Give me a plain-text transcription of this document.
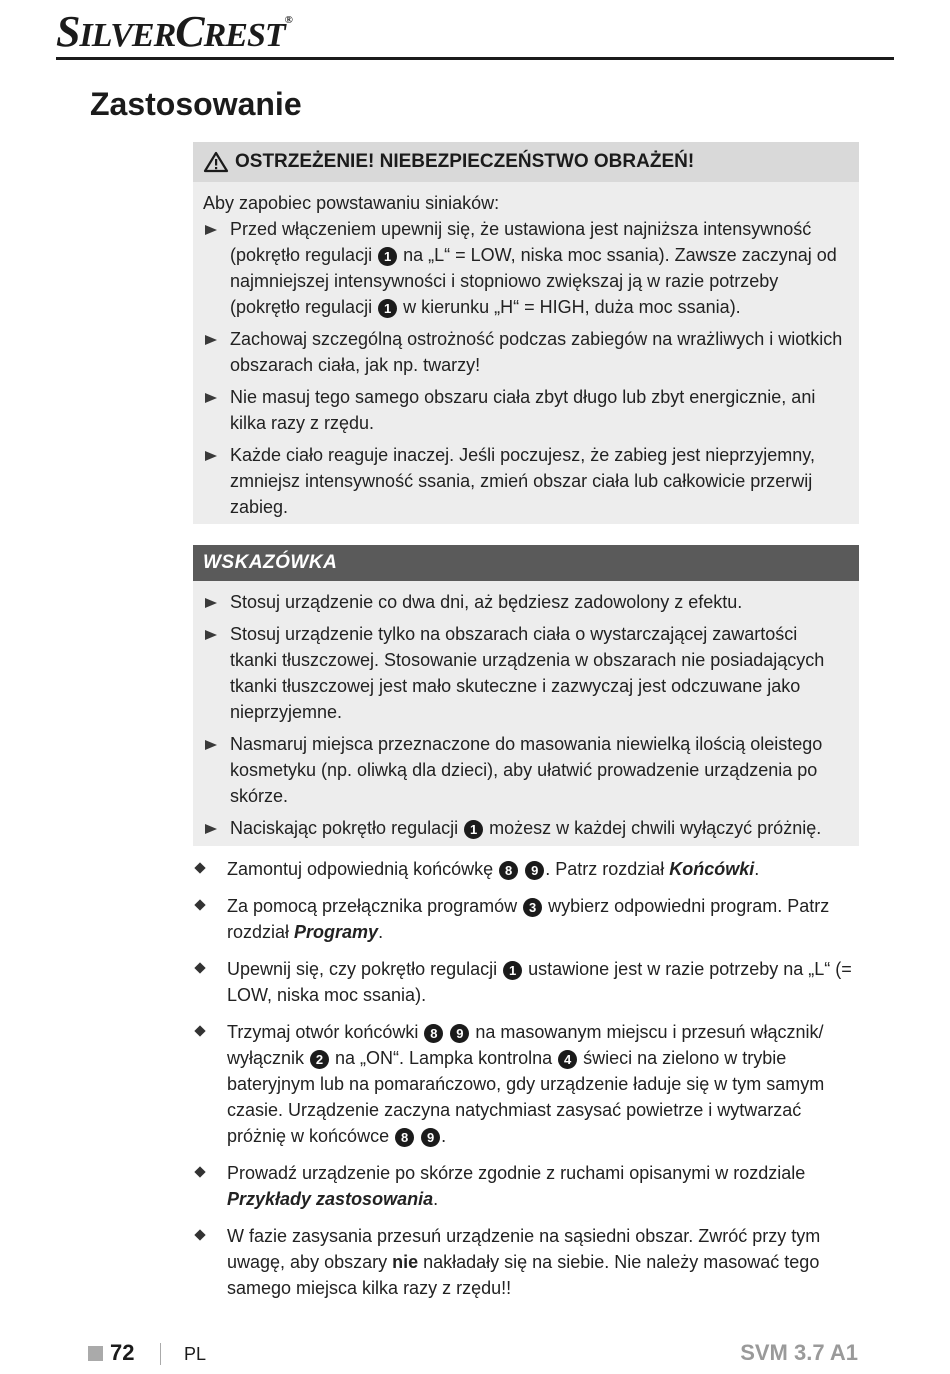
SILVERCREST®
Zastosowanie
OSTRZEŻENIE! NIEBEZPIECZEŃSTWO OBRAŻEŃ!
Aby zapobiec powstawaniu siniaków:
Przed włączeniem upewnij się, że ustawiona jest najniższa intensywność (pokrętło regulacji 1 na „L“ = LOW, niska moc ssania). Zawsze zaczynaj od najmniejszej intensywności i stopniowo zwiększaj ją w razie potrzeby (pokrętło regulacji 1 w kierunku „H“ = HIGH, duża moc ssania).
Zachowaj szczególną ostrożność podczas zabiegów na wrażliwych i wiotkich obszarach ciała, jak np. twarzy!
Nie masuj tego samego obszaru ciała zbyt długo lub zbyt energicznie, ani kilka razy z rzędu.
Każde ciało reaguje inaczej. Jeśli poczujesz, że zabieg jest nieprzyjemny, zmniejsz intensywność ssania, zmień obszar ciała lub całkowicie przerwij zabieg.
WSKAZÓWKA
Stosuj urządzenie co dwa dni, aż będziesz zadowolony z efektu.
Stosuj urządzenie tylko na obszarach ciała o wystarczającej zawartości tkanki tłuszczowej. Stosowanie urządzenia w obszarach nie posiadających tkanki tłuszczowej jest mało skuteczne i zazwyczaj jest odczuwane jako nieprzyjemne.
Nasmaruj miejsca przeznaczone do masowania niewielką ilością oleistego kosmetyku (np. oliwką dla dzieci), aby ułatwić prowadzenie urządzenia po skórze.
Naciskając pokrętło regulacji 1 możesz w każdej chwili wyłączyć próżnię.
Zamontuj odpowiednią końcówkę 8 9 . Patrz rozdział Końcówki.
Za pomocą przełącznika programów 3 wybierz odpowiedni program. Patrz rozdział Programy.
Upewnij się, czy pokrętło regulacji 1 ustawione jest w razie potrzeby na „L“ (= LOW, niska moc ssania).
Trzymaj otwór końcówki 8 9 na masowanym miejscu i przesuń włącznik/ wyłącznik 2 na „ON“. Lampka kontrolna 4 świeci na zielono w trybie bateryjnym lub na pomarańczowo, gdy urządzenie ładuje się w tym samym czasie. Urządzenie zaczyna natychmiast zasysać powietrze i wytwarzać próżnię w końcówce 8 9 .
Prowadź urządzenie po skórze zgodnie z ruchami opisanymi w rozdziale Przykłady zastosowania.
W fazie zasysania przesuń urządzenie na sąsiedni obszar. Zwróć przy tym uwagę, aby obszary nie nakładały się na siebie. Nie należy masować tego samego miejsca kilka razy z rzędu!!
72	PL	SVM 3.7 A1
